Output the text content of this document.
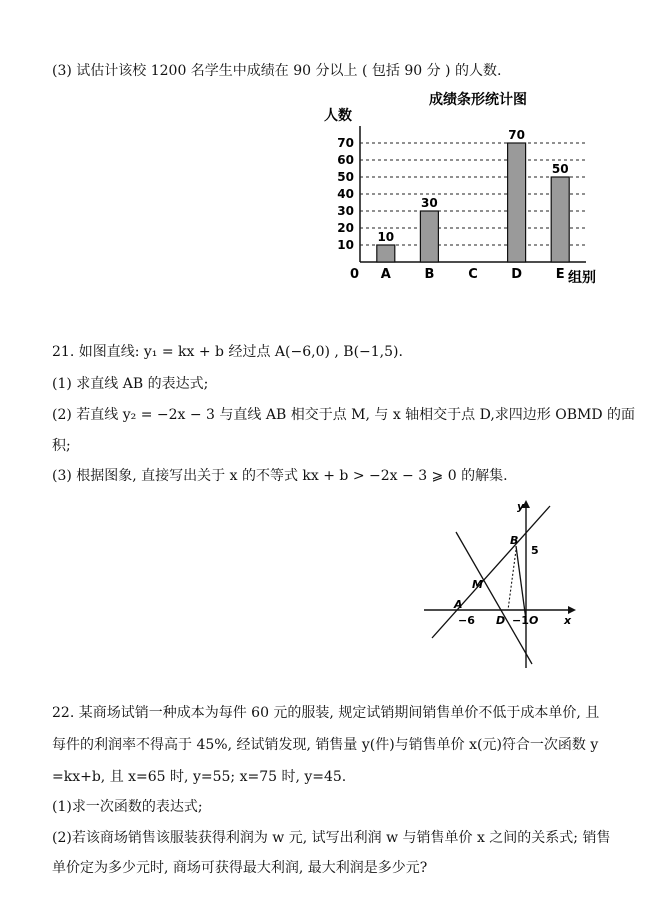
(3) 试估计该校 1200 名学生中成绩在 90 分以上 ( 包括 90 分 ) 的人数.
成绩条形统计图
人数
10
20
30
40
50
60
70
10
30
70
50
A	B	C	D	E
0	组别
21. 如图直线: y₁ = kx + b 经过点 A(−6,0) , B(−1,5).
(1) 求直线 AB 的表达式;
(2) 若直线 y₂ = −2x − 3 与直线 AB 相交于点 M, 与 x 轴相交于点 D,求四边形 OBMD 的面
积;
(3) 根据图象, 直接写出关于 x 的不等式 kx + b > −2x − 3 ⩾ 0 的解集.
y
x
B
5
M
A
−6 D −1 O
22. 某商场试销一种成本为每件 60 元的服装, 规定试销期间销售单价不低于成本单价, 且
每件的利润率不得高于 45%, 经试销发现, 销售量 y(件)与销售单价 x(元)符合一次函数 y
=kx+b, 且 x=65 时, y=55; x=75 时, y=45.
(1)求一次函数的表达式;
(2)若该商场销售该服装获得利润为 w 元, 试写出利润 w 与销售单价 x 之间的关系式; 销售
单价定为多少元时, 商场可获得最大利润, 最大利润是多少元?
